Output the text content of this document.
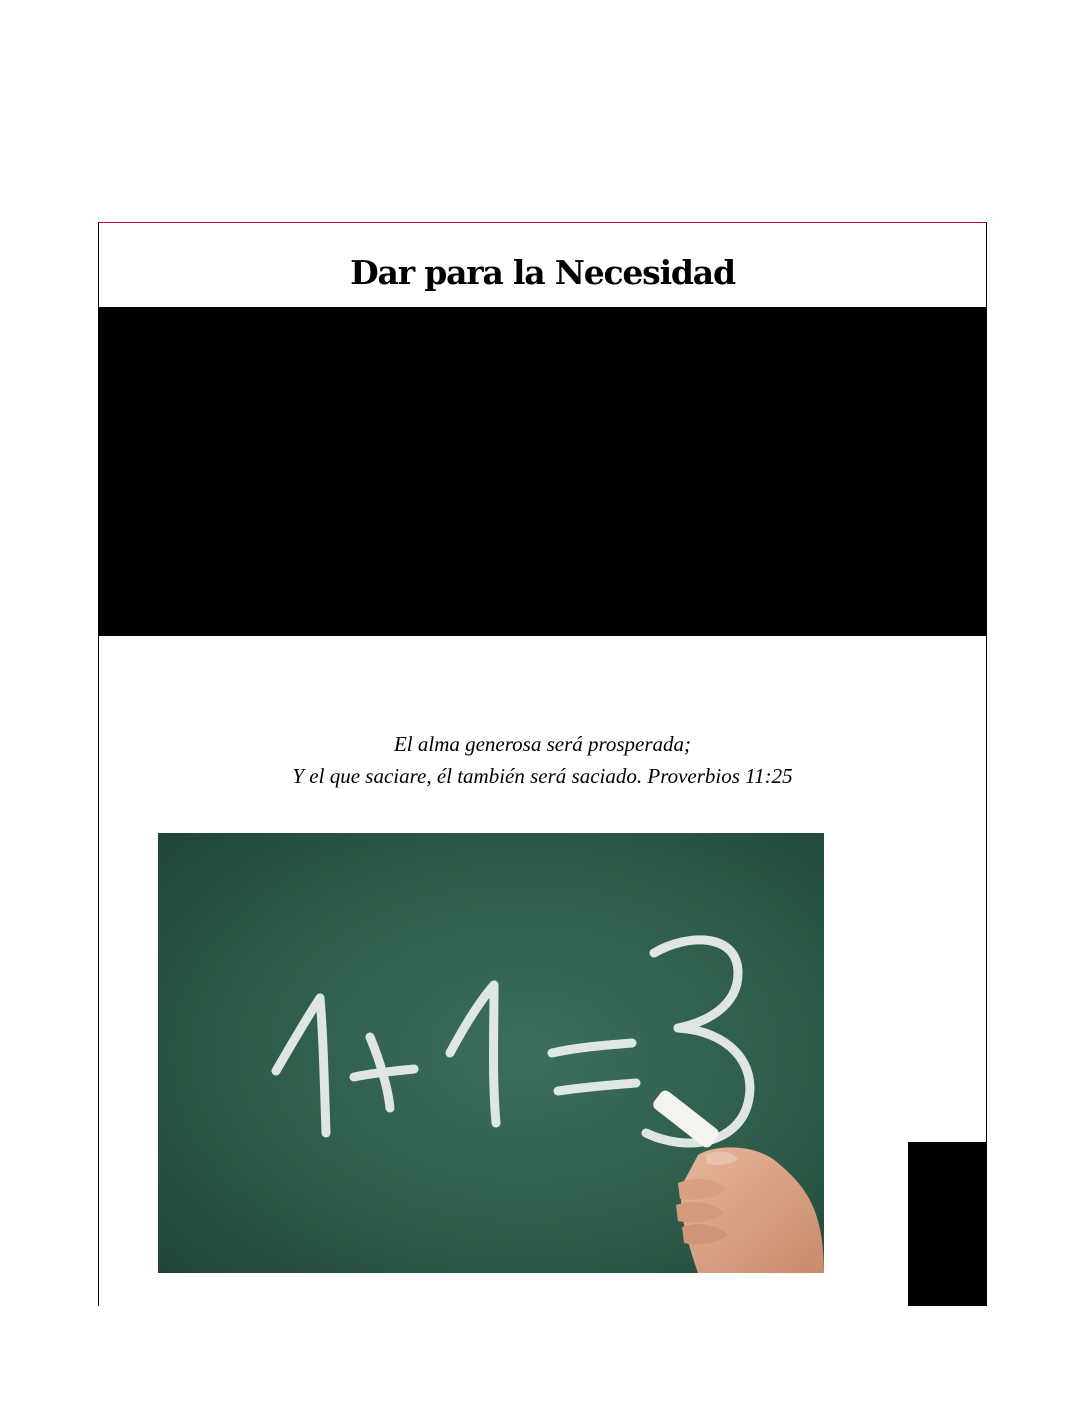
Dar para la Necesidad
El alma generosa será prosperada;
Y el que saciare, él también será saciado. Proverbios 11:25
